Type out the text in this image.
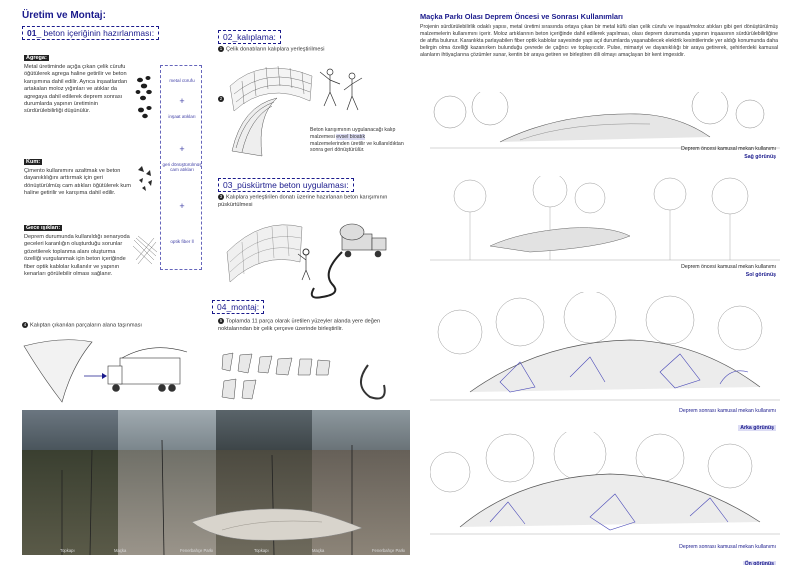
Üretim ve Montaj:
01_ beton içeriğinin hazırlanması:
Agrega:
Metal üretiminde açığa çıkan çelik cürufu öğütülerek agrega haline getirilir ve beton karışımına dahil edilir. Ayrıca inşaatlardan artakalan moloz yığınları ve atıklar da agregaya dahil edilerek deprem sonrası durumlarda yapının üretiminin sürdürülebilirliği düşünülür.
Kum:
Çimento kullanımını azaltmak ve beton dayanıklılığını arttırmak için geri dönüştürülmüş cam atıkları öğütülerek kum haline getirilir ve karışıma dahil edilir.
Gece ışıkları:
Deprem durumunda kullanıldığı senaryoda geceleri karanlığın oluşturduğu sorunlar gözetilerek toplanma alanı oluşturma özelliği vurgulanmak için beton içeriğinde fiber optik kablolar kullanılır ve yapının kenarları görülebilir olması sağlanır.
metal cürufu
+
inşaat atıkları
+
geri dönüştürülmüş cam atıkları
+
optik fiber ll
02_kalıplama:
1 Çelik donatıların kalıplara yerleştirilmesi
2
Beton karışımının uygulanacağı kalıp malzemesi evsel bioatık malzemelerinden üretilir ve kullanıldıktan sonra geri dönüştürülür.
03_püskürtme beton uygulaması:
3 Kalıplara yerleştirilen donatı üzerine hazırlanan beton karışımının püskürtülmesi
04_montaj:
4 Kalıptan çıkanılan parçaların alana taşınması
5 Toplamda 11 parça olarak üretilen yüzeyler alanda yere değen noktalarından bir çelik çerçeve üzerinde birleştirilir.
Topkapı	Maçka	Fenerbahçe Parkı	Topkapı	Maçka	Fenerbahçe Parkı
Maçka Parkı Olası Deprem Öncesi ve Sonrası Kullanımları
Projenin sürdürülebilirlik odaklı yapısı, metal üretimi sırasında ortaya çıkan bir metal küfü olan çelik cürufu ve inşaat/moloz atıkları gibi geri dönüştürülmüş malzemelerin kullanımını içerir. Moloz artıklarının beton içeriğinde dahil edilerek yapılması, olası deprem durumunda yapının inşaasının sürdürülebilirliğine de atıfta bulunur. Karanlıkta parlayabilen fiber optik kablolar sayesinde yapı açıl durumlarda yaşanabilecek elektrik kesintilerinde yer aldığı konumunda daha belirgin olma özelliği kazanırken bulunduğu çevrede de çağrıcı ve toplayıcıdır. Pulse, mimariyi ve dayanıklılığı bir araya getirerek, şehirlerdeki kamusal alanların ihtiyaçlarına çözümler sunar, kentin bir araya getiren ve birleştiren dili olmayı amaçlayan bir kent imgesidir.
Deprem öncesi kamusal mekan kullanımı
Sağ görünüş
Deprem öncesi kamusal mekan kullanımı
Sol görünüş
Deprem sonrası kamusal mekan kullanımı
Arka görünüş
Deprem sonrası kamusal mekan kullanımı
Ön görünüş
